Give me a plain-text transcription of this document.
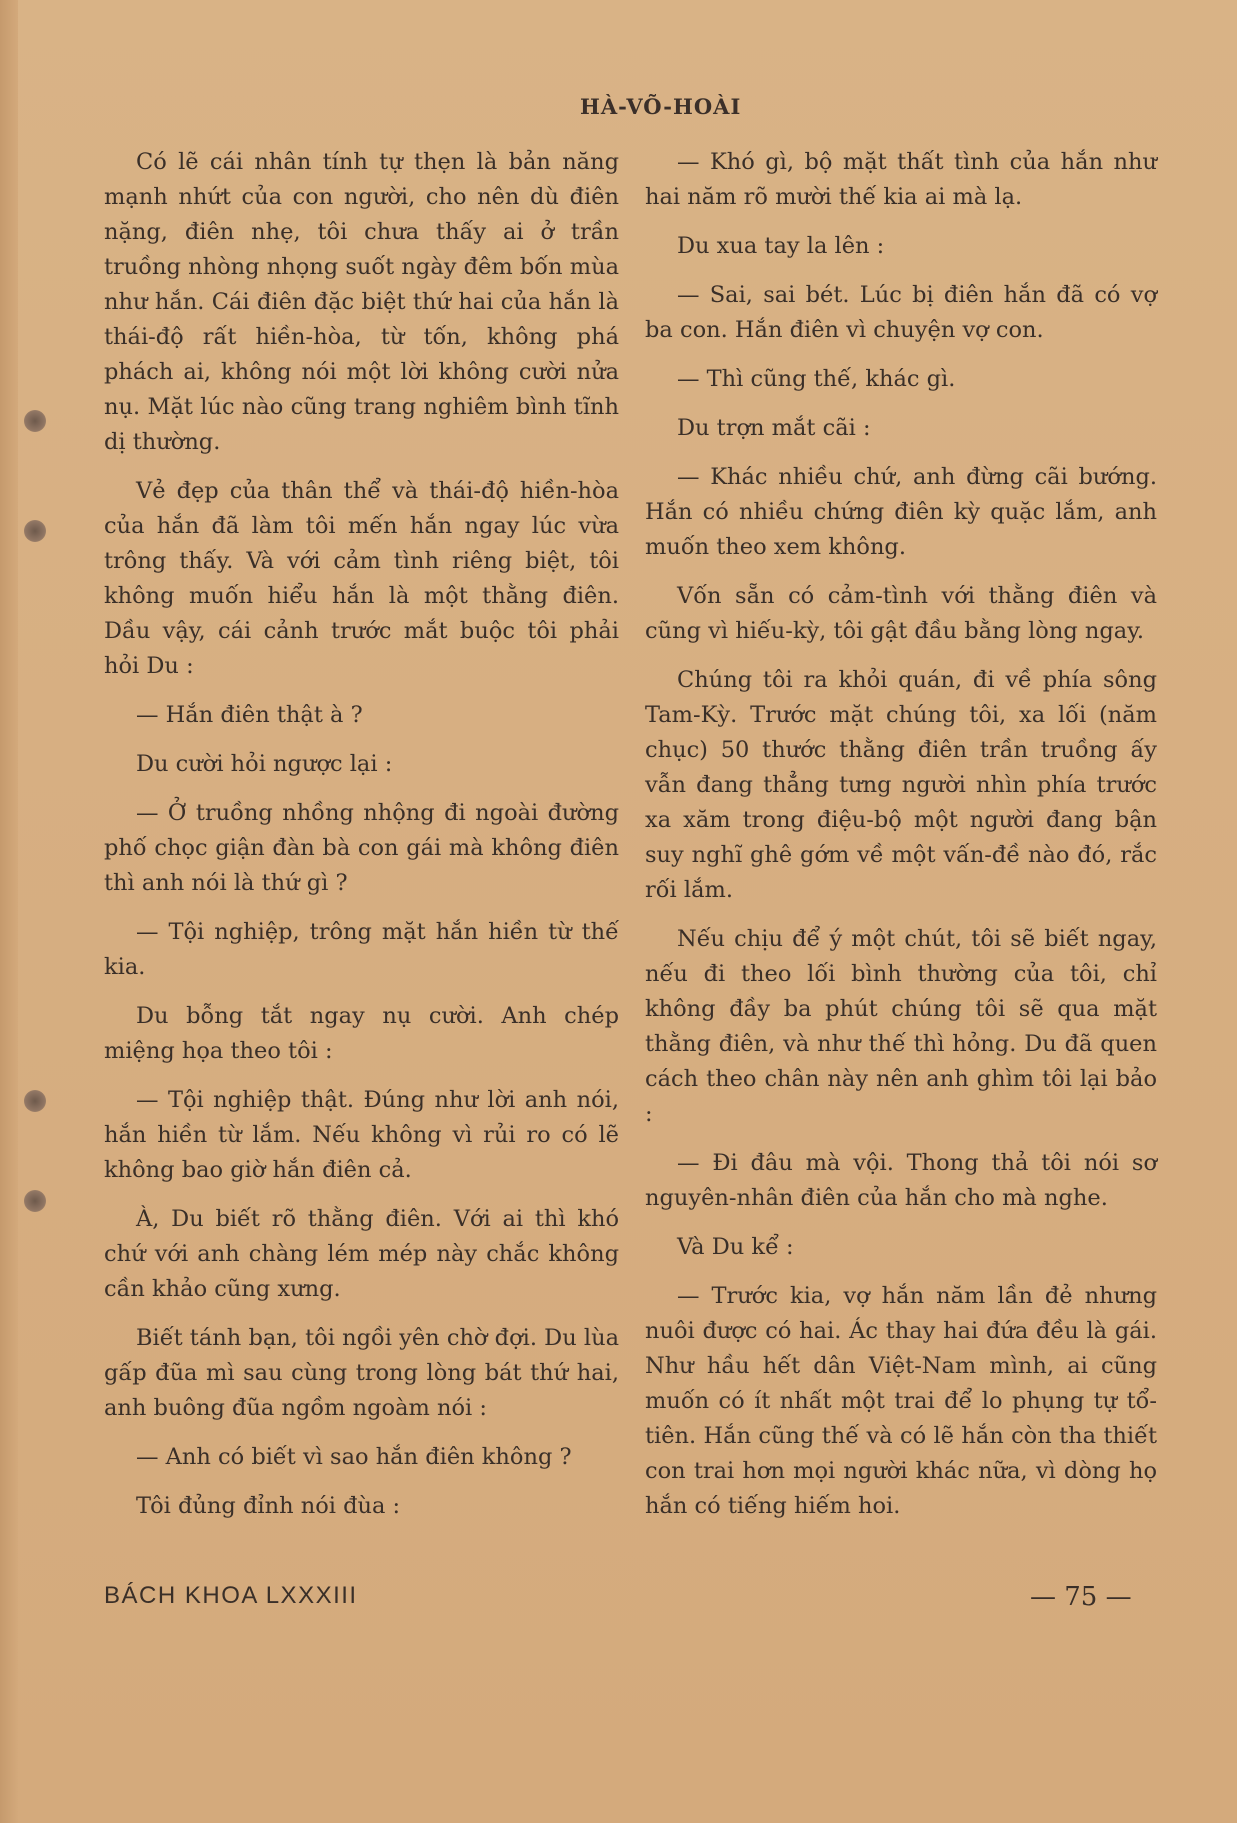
HÀ-VÕ-HOÀI

Có lẽ cái nhân tính tự thẹn là bản năng mạnh nhứt của con người, cho nên dù điên nặng, điên nhẹ, tôi chưa thấy ai ở trần truồng nhòng nhọng suốt ngày đêm bốn mùa như hắn. Cái điên đặc biệt thứ hai của hắn là thái-độ rất hiền-hòa, từ tốn, không phá phách ai, không nói một lời không cười nửa nụ. Mặt lúc nào cũng trang nghiêm bình tĩnh dị thường.

Vẻ đẹp của thân thể và thái-độ hiền-hòa của hắn đã làm tôi mến hắn ngay lúc vừa trông thấy. Và với cảm tình riêng biệt, tôi không muốn hiểu hắn là một thằng điên. Dầu vậy, cái cảnh trước mắt buộc tôi phải hỏi Du :

— Hắn điên thật à ?

Du cười hỏi ngược lại :

— Ở truồng nhồng nhộng đi ngoài đường phố chọc giận đàn bà con gái mà không điên thì anh nói là thứ gì ?

— Tội nghiệp, trông mặt hắn hiền từ thế kia.

Du bỗng tắt ngay nụ cười. Anh chép miệng họa theo tôi :

— Tội nghiệp thật. Đúng như lời anh nói, hắn hiền từ lắm. Nếu không vì rủi ro có lẽ không bao giờ hắn điên cả.

À, Du biết rõ thằng điên. Với ai thì khó chứ với anh chàng lém mép này chắc không cần khảo cũng xưng.

Biết tánh bạn, tôi ngồi yên chờ đợi. Du lùa gấp đũa mì sau cùng trong lòng bát thứ hai, anh buông đũa ngồm ngoàm nói :

— Anh có biết vì sao hắn điên không ?

Tôi đủng đỉnh nói đùa :

— Khó gì, bộ mặt thất tình của hắn như hai năm rõ mười thế kia ai mà lạ.

Du xua tay la lên :

— Sai, sai bét. Lúc bị điên hắn đã có vợ ba con. Hắn điên vì chuyện vợ con.

— Thì cũng thế, khác gì.

Du trợn mắt cãi :

— Khác nhiều chứ, anh đừng cãi bướng. Hắn có nhiều chứng điên kỳ quặc lắm, anh muốn theo xem không.

Vốn sẵn có cảm-tình với thằng điên và cũng vì hiếu-kỳ, tôi gật đầu bằng lòng ngay.

Chúng tôi ra khỏi quán, đi về phía sông Tam-Kỳ. Trước mặt chúng tôi, xa lối (năm chục) 50 thước thằng điên trần truồng ấy vẫn đang thẳng tưng người nhìn phía trước xa xăm trong điệu-bộ một người đang bận suy nghĩ ghê gớm về một vấn-đề nào đó, rắc rối lắm.

Nếu chịu để ý một chút, tôi sẽ biết ngay, nếu đi theo lối bình thường của tôi, chỉ không đầy ba phút chúng tôi sẽ qua mặt thằng điên, và như thế thì hỏng. Du đã quen cách theo chân này nên anh ghìm tôi lại bảo :

— Đi đâu mà vội. Thong thả tôi nói sơ nguyên-nhân điên của hắn cho mà nghe.

Và Du kể :

— Trước kia, vợ hắn năm lần đẻ nhưng nuôi được có hai. Ác thay hai đứa đều là gái. Như hầu hết dân Việt-Nam mình, ai cũng muốn có ít nhất một trai để lo phụng tự tổ-tiên. Hắn cũng thế và có lẽ hắn còn tha thiết con trai hơn mọi người khác nữa, vì dòng họ hắn có tiếng hiếm hoi.

BÁCH KHOA LXXXIII	— 75 —
